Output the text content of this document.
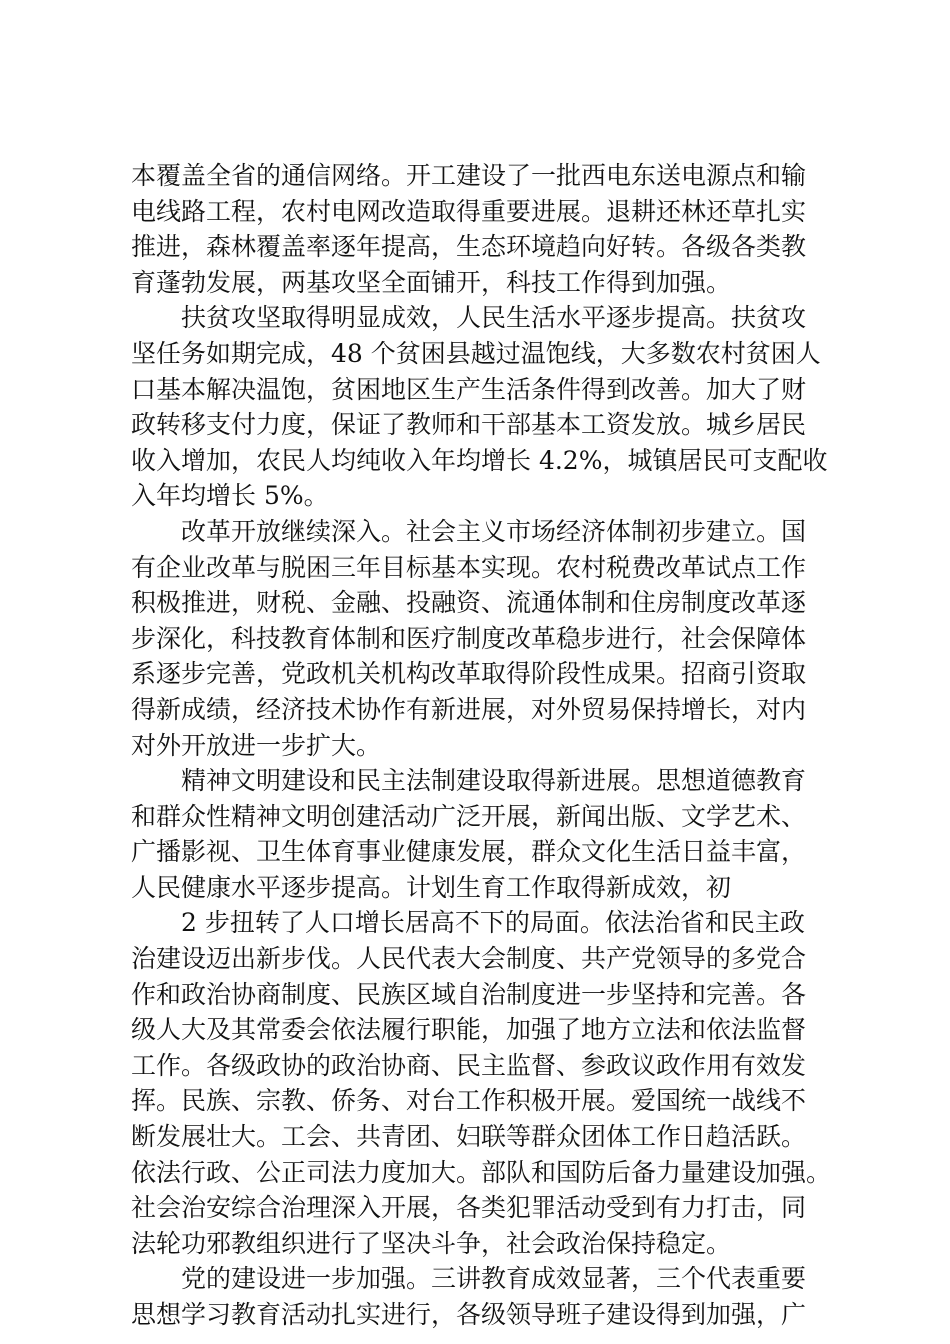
本覆盖全省的通信网络。开工建设了一批西电东送电源点和输
电线路工程，农村电网改造取得重要进展。退耕还林还草扎实
推进，森林覆盖率逐年提高，生态环境趋向好转。各级各类教
育蓬勃发展，两基攻坚全面铺开，科技工作得到加强。
扶贫攻坚取得明显成效，人民生活水平逐步提高。扶贫攻
坚任务如期完成，48 个贫困县越过温饱线，大多数农村贫困人
口基本解决温饱，贫困地区生产生活条件得到改善。加大了财
政转移支付力度，保证了教师和干部基本工资发放。城乡居民
收入增加，农民人均纯收入年均增长 4.2%，城镇居民可支配收
入年均增长 5%。
改革开放继续深入。社会主义市场经济体制初步建立。国
有企业改革与脱困三年目标基本实现。农村税费改革试点工作
积极推进，财税、金融、投融资、流通体制和住房制度改革逐
步深化，科技教育体制和医疗制度改革稳步进行，社会保障体
系逐步完善，党政机关机构改革取得阶段性成果。招商引资取
得新成绩，经济技术协作有新进展，对外贸易保持增长，对内
对外开放进一步扩大。
精神文明建设和民主法制建设取得新进展。思想道德教育
和群众性精神文明创建活动广泛开展，新闻出版、文学艺术、
广播影视、卫生体育事业健康发展，群众文化生活日益丰富，
人民健康水平逐步提高。计划生育工作取得新成效，初
2 步扭转了人口增长居高不下的局面。依法治省和民主政
治建设迈出新步伐。人民代表大会制度、共产党领导的多党合
作和政治协商制度、民族区域自治制度进一步坚持和完善。各
级人大及其常委会依法履行职能，加强了地方立法和依法监督
工作。各级政协的政治协商、民主监督、参政议政作用有效发
挥。民族、宗教、侨务、对台工作积极开展。爱国统一战线不
断发展壮大。工会、共青团、妇联等群众团体工作日趋活跃。
依法行政、公正司法力度加大。部队和国防后备力量建设加强。
社会治安综合治理深入开展，各类犯罪活动受到有力打击，同
法轮功邪教组织进行了坚决斗争，社会政治保持稳定。
党的建设进一步加强。三讲教育成效显著，三个代表重要
思想学习教育活动扎实进行，各级领导班子建设得到加强，广
